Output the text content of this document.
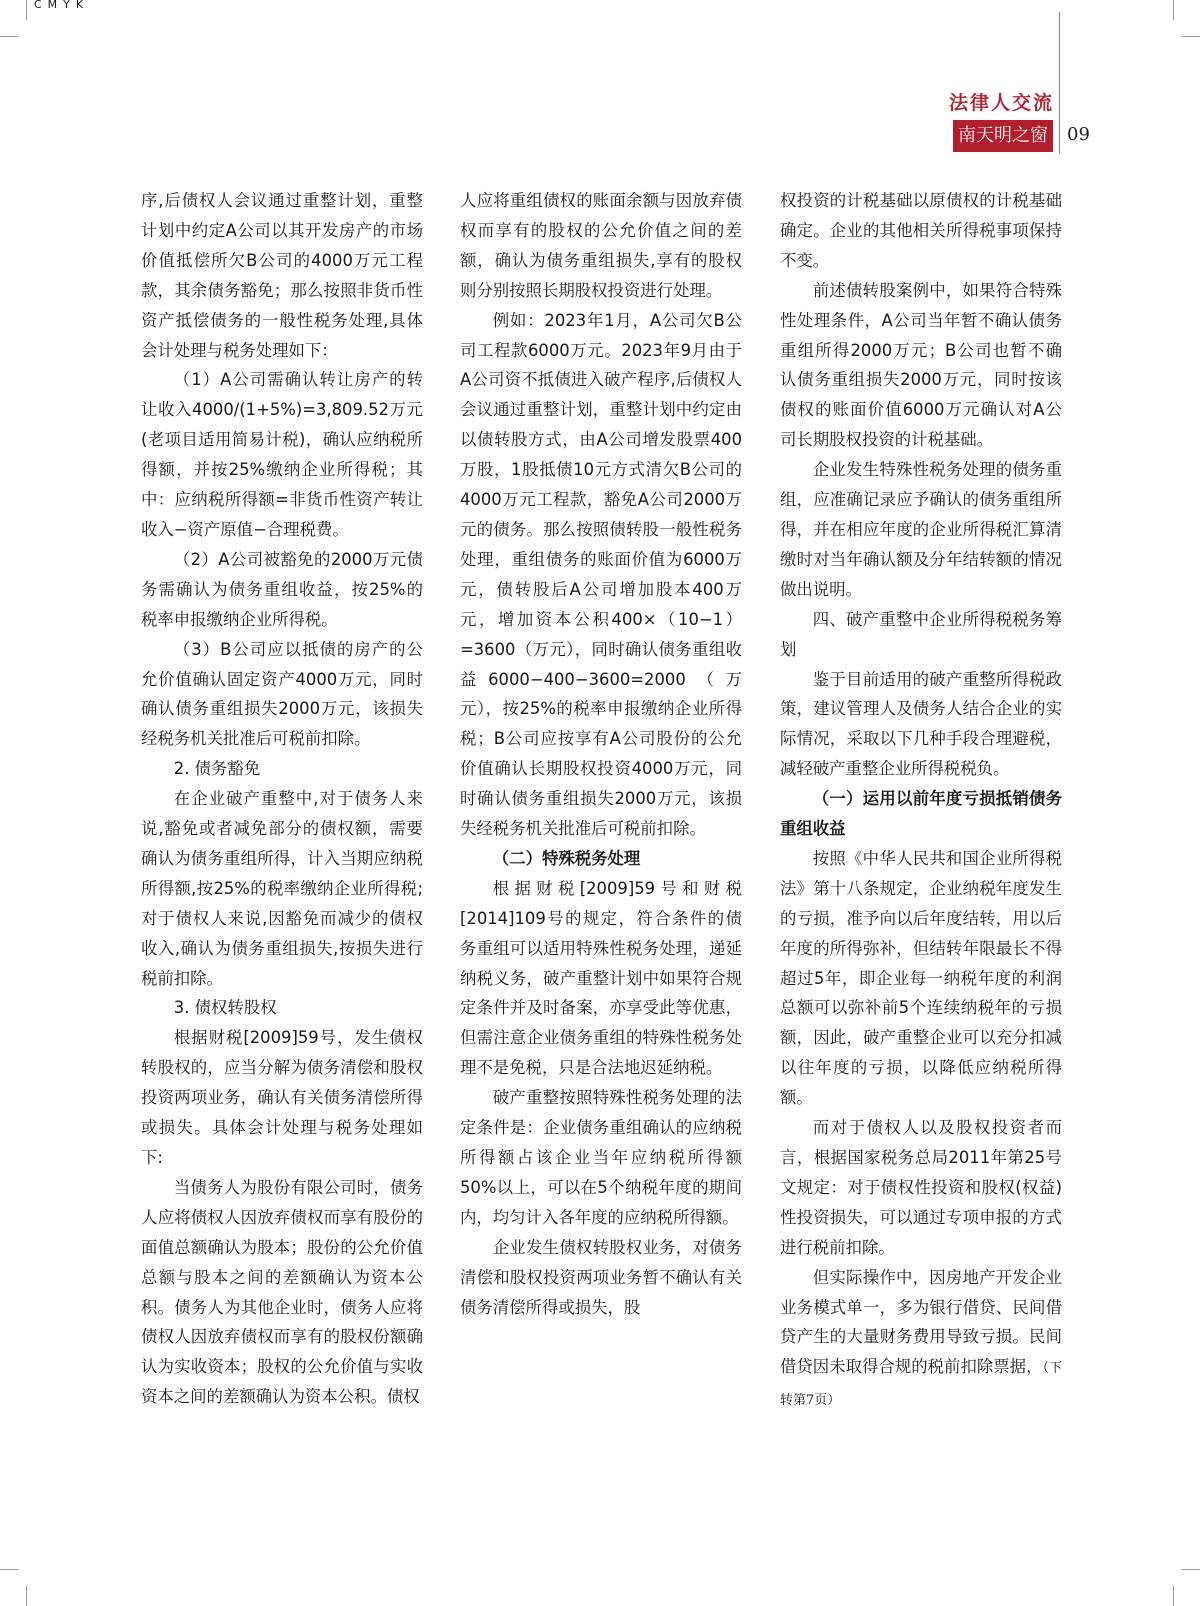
CMYK
法律人交流
南天明之窗 09

序,后债权人会议通过重整计划，重整计划中约定A公司以其开发房产的市场价值抵偿所欠B公司的4000万元工程款，其余债务豁免；那么按照非货币性资产抵偿债务的一般性税务处理,具体会计处理与税务处理如下：

（1）A公司需确认转让房产的转让收入4000/(1+5%)=3,809.52万元(老项目适用简易计税)，确认应纳税所得额，并按25%缴纳企业所得税；其中：应纳税所得额=非货币性资产转让收入−资产原值−合理税费。

（2）A公司被豁免的2000万元债务需确认为债务重组收益，按25%的税率申报缴纳企业所得税。

（3）B公司应以抵债的房产的公允价值确认固定资产4000万元，同时确认债务重组损失2000万元，该损失经税务机关批准后可税前扣除。

2. 债务豁免

在企业破产重整中,对于债务人来说,豁免或者减免部分的债权额，需要确认为债务重组所得，计入当期应纳税所得额,按25%的税率缴纳企业所得税;对于债权人来说,因豁免而减少的债权收入,确认为债务重组损失,按损失进行税前扣除。

3. 债权转股权

根据财税[2009]59号，发生债权转股权的，应当分解为债务清偿和股权投资两项业务，确认有关债务清偿所得或损失。具体会计处理与税务处理如下:

当债务人为股份有限公司时，债务人应将债权人因放弃债权而享有股份的面值总额确认为股本；股份的公允价值总额与股本之间的差额确认为资本公积。债务人为其他企业时，债务人应将债权人因放弃债权而享有的股权份额确认为实收资本；股权的公允价值与实收资本之间的差额确认为资本公积。债权

人应将重组债权的账面余额与因放弃债权而享有的股权的公允价值之间的差额，确认为债务重组损失,享有的股权则分别按照长期股权投资进行处理。

例如：2023年1月，A公司欠B公司工程款6000万元。2023年9月由于A公司资不抵债进入破产程序,后债权人会议通过重整计划，重整计划中约定由以债转股方式，由A公司增发股票400万股，1股抵债10元方式清欠B公司的4000万元工程款，豁免A公司2000万元的债务。那么按照债转股一般性税务处理，重组债务的账面价值为6000万元，债转股后A公司增加股本400万元，增加资本公积400×（10−1）=3600（万元），同时确认债务重组收益6000−400−3600=2000（万元），按25%的税率申报缴纳企业所得税；B公司应按享有A公司股份的公允价值确认长期股权投资4000万元，同时确认债务重组损失2000万元，该损失经税务机关批准后可税前扣除。

（二）特殊税务处理

根据财税[2009]59号和财税[2014]109号的规定，符合条件的债务重组可以适用特殊性税务处理，递延纳税义务，破产重整计划中如果符合规定条件并及时备案，亦享受此等优惠，但需注意企业债务重组的特殊性税务处理不是免税，只是合法地迟延纳税。

破产重整按照特殊性税务处理的法定条件是：企业债务重组确认的应纳税所得额占该企业当年应纳税所得额50%以上，可以在5个纳税年度的期间内，均匀计入各年度的应纳税所得额。

企业发生债权转股权业务，对债务清偿和股权投资两项业务暂不确认有关债务清偿所得或损失，股

权投资的计税基础以原债权的计税基础确定。企业的其他相关所得税事项保持不变。

前述债转股案例中，如果符合特殊性处理条件，A公司当年暂不确认债务重组所得2000万元；B公司也暂不确认债务重组损失2000万元，同时按该债权的账面价值6000万元确认对A公司长期股权投资的计税基础。

企业发生特殊性税务处理的债务重组，应准确记录应予确认的债务重组所得，并在相应年度的企业所得税汇算清缴时对当年确认额及分年结转额的情况做出说明。

四、破产重整中企业所得税税务筹划

鉴于目前适用的破产重整所得税政策，建议管理人及债务人结合企业的实际情况，采取以下几种手段合理避税，减轻破产重整企业所得税税负。

（一）运用以前年度亏损抵销债务重组收益

按照《中华人民共和国企业所得税法》第十八条规定，企业纳税年度发生的亏损，准予向以后年度结转，用以后年度的所得弥补，但结转年限最长不得超过5年，即企业每一纳税年度的利润总额可以弥补前5个连续纳税年的亏损额，因此，破产重整企业可以充分扣减以往年度的亏损，以降低应纳税所得额。

而对于债权人以及股权投资者而言，根据国家税务总局2011年第25号文规定：对于债权性投资和股权(权益)性投资损失，可以通过专项申报的方式进行税前扣除。

但实际操作中，因房地产开发企业业务模式单一，多为银行借贷、民间借贷产生的大量财务费用导致亏损。民间借贷因未取得合规的税前扣除票据，（下转第7页）
